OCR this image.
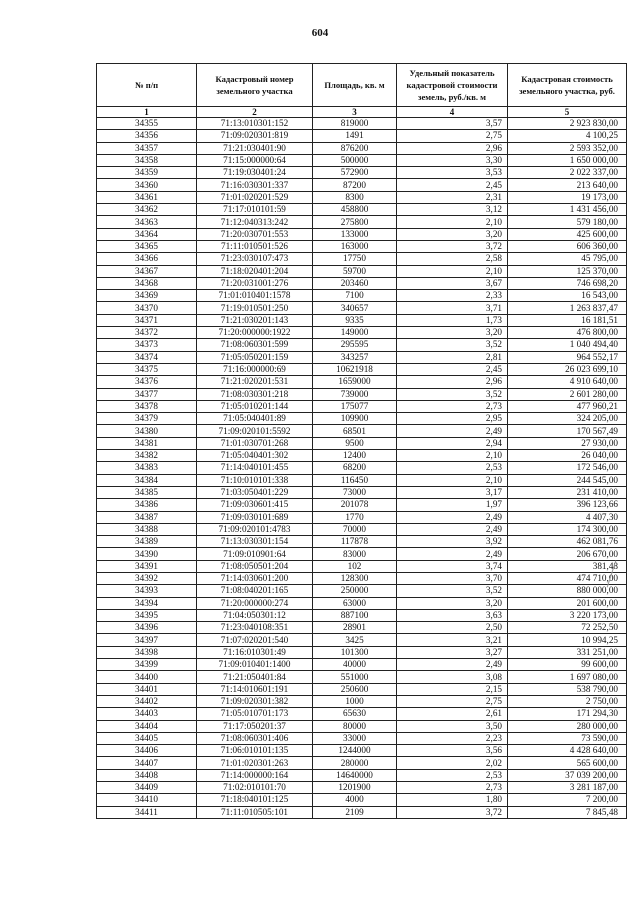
604
№ п/п	Кадастровый номер земельного участка	Площадь, кв. м	Удельный показатель кадастровой стоимости земель, руб./кв. м	Кадастровая стоимость земельного участка, руб.
1	2	3	4	5
34355	71:13:010301:152	819000	3,57	2 923 830,00
34356	71:09:020301:819	1491	2,75	4 100,25
34357	71:21:030401:90	876200	2,96	2 593 352,00
34358	71:15:000000:64	500000	3,30	1 650 000,00
34359	71:19:030401:24	572900	3,53	2 022 337,00
34360	71:16:030301:337	87200	2,45	213 640,00
34361	71:01:020201:529	8300	2,31	19 173,00
34362	71:17:010101:59	458800	3,12	1 431 456,00
34363	71:12:040313:242	275800	2,10	579 180,00
34364	71:20:030701:553	133000	3,20	425 600,00
34365	71:11:010501:526	163000	3,72	606 360,00
34366	71:23:030107:473	17750	2,58	45 795,00
34367	71:18:020401:204	59700	2,10	125 370,00
34368	71:20:031001:276	203460	3,67	746 698,20
34369	71:01:010401:1578	7100	2,33	16 543,00
34370	71:19:010501:250	340657	3,71	1 263 837,47
34371	71:21:030201:143	9335	1,73	16 181,51
34372	71:20:000000:1922	149000	3,20	476 800,00
34373	71:08:060301:599	295595	3,52	1 040 494,40
34374	71:05:050201:159	343257	2,81	964 552,17
34375	71:16:000000:69	10621918	2,45	26 023 699,10
34376	71:21:020201:531	1659000	2,96	4 910 640,00
34377	71:08:030301:218	739000	3,52	2 601 280,00
34378	71:05:010201:144	175077	2,73	477 960,21
34379	71:05:040401:89	109900	2,95	324 205,00
34380	71:09:020101:5592	68501	2,49	170 567,49
34381	71:01:030701:268	9500	2,94	27 930,00
34382	71:05:040401:302	12400	2,10	26 040,00
34383	71:14:040101:455	68200	2,53	172 546,00
34384	71:10:010101:338	116450	2,10	244 545,00
34385	71:03:050401:229	73000	3,17	231 410,00
34386	71:09:030601:415	201078	1,97	396 123,66
34387	71:09:030101:689	1770	2,49	4 407,30
34388	71:09:020101:4783	70000	2,49	174 300,00
34389	71:13:030301:154	117878	3,92	462 081,76
34390	71:09:010901:64	83000	2,49	206 670,00
34391	71:08:050501:204	102	3,74	381,48
34392	71:14:030601:200	128300	3,70	474 710,00
34393	71:08:040201:165	250000	3,52	880 000,00
34394	71:20:000000:274	63000	3,20	201 600,00
34395	71:04:050301:12	887100	3,63	3 220 173,00
34396	71:23:040108:351	28901	2,50	72 252,50
34397	71:07:020201:540	3425	3,21	10 994,25
34398	71:16:010301:49	101300	3,27	331 251,00
34399	71:09:010401:1400	40000	2,49	99 600,00
34400	71:21:050401:84	551000	3,08	1 697 080,00
34401	71:14:010601:191	250600	2,15	538 790,00
34402	71:09:020301:382	1000	2,75	2 750,00
34403	71:05:010701:173	65630	2,61	171 294,30
34404	71:17:050201:37	80000	3,50	280 000,00
34405	71:08:060301:406	33000	2,23	73 590,00
34406	71:06:010101:135	1244000	3,56	4 428 640,00
34407	71:01:020301:263	280000	2,02	565 600,00
34408	71:14:000000:164	14640000	2,53	37 039 200,00
34409	71:02:010101:70	1201900	2,73	3 281 187,00
34410	71:18:040101:125	4000	1,80	7 200,00
34411	71:11:010505:101	2109	3,72	7 845,48
